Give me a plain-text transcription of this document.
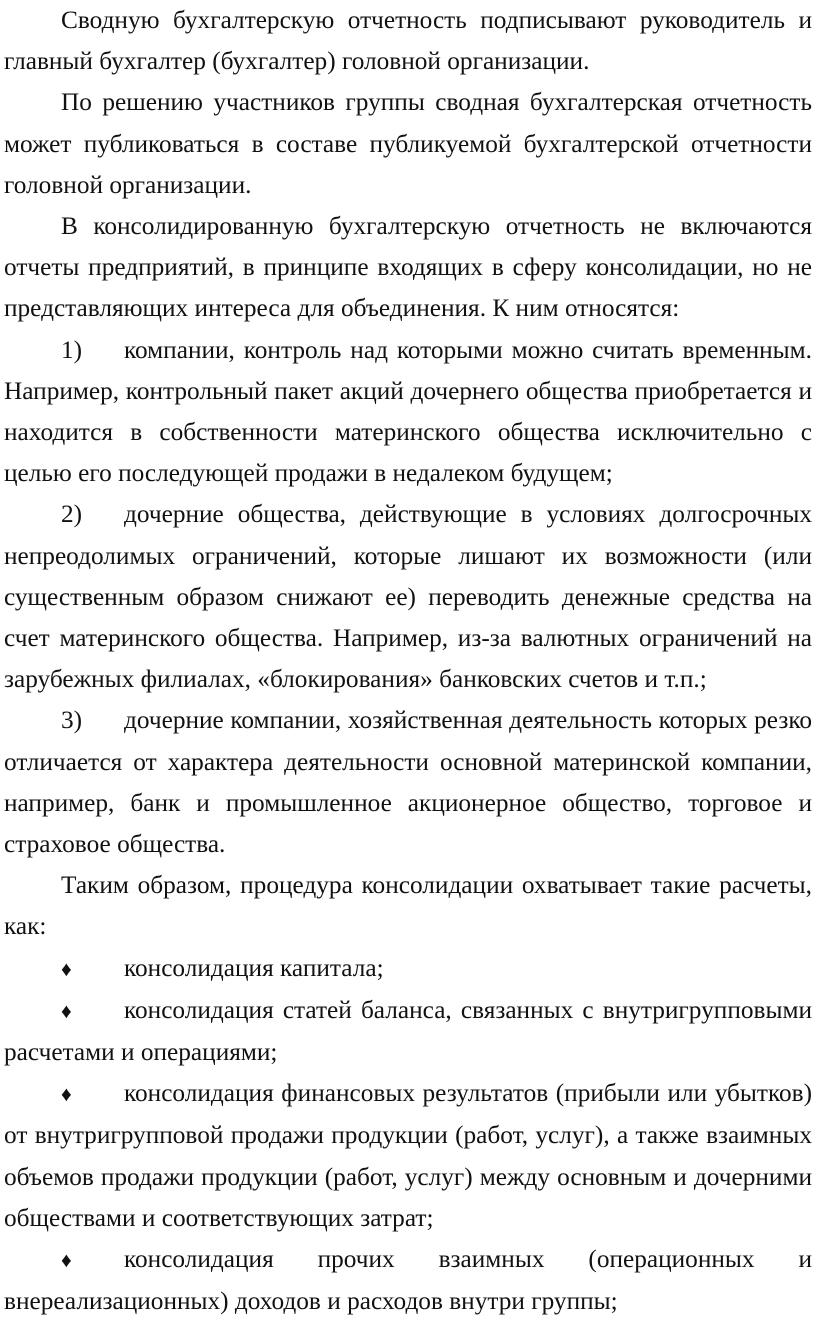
Сводную бухгалтерскую отчетность подписывают руководитель и главный бухгалтер (бухгалтер) головной организации.

По решению участников группы сводная бухгалтерская отчетность может публиковаться в составе публикуемой бухгалтерской отчетности головной организации.

В консолидированную бухгалтерскую отчетность не включаются отчеты предприятий, в принципе входящих в сферу консолидации, но не представляющих интереса для объединения. К ним относятся:

1) компании, контроль над которыми можно считать временным. Например, контрольный пакет акций дочернего общества приобретается и находится в собственности материнского общества исключительно с целью его последующей продажи в недалеком будущем;

2) дочерние общества, действующие в условиях долгосрочных непреодолимых ограничений, которые лишают их возможности (или существенным образом снижают ее) переводить денежные средства на счет материнского общества. Например, из-за валютных ограничений на зарубежных филиалах, «блокирования» банковских счетов и т.п.;

3) дочерние компании, хозяйственная деятельность которых резко отличается от характера деятельности основной материнской компании, например, банк и промышленное акционерное общество, торговое и страховое общества.

Таким образом, процедура консолидации охватывает такие расчеты, как:

♦ консолидация капитала;

♦ консолидация статей баланса, связанных с внутригрупповыми расчетами и операциями;

♦ консолидация финансовых результатов (прибыли или убытков) от внутригрупповой продажи продукции (работ, услуг), а также взаимных объемов продажи продукции (работ, услуг) между основным и дочерними обществами и соответствующих затрат;

♦ консолидация прочих взаимных (операционных и внереализационных) доходов и расходов внутри группы;
